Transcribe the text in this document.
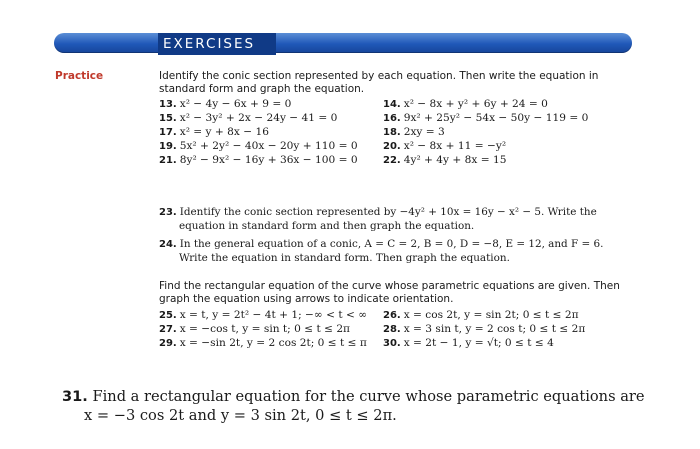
EXERCISES
Practice	Identify the conic section represented by each equation. Then write the equation in standard form and graph the equation.
13. x² − 4y − 6x + 9 = 0
15. x² − 3y² + 2x − 24y − 41 = 0
17. x² = y + 8x − 16
19. 5x² + 2y² − 40x − 20y + 110 = 0
21. 8y² − 9x² − 16y + 36x − 100 = 0
14. x² − 8x + y² + 6y + 24 = 0
16. 9x² + 25y² − 54x − 50y − 119 = 0
18. 2xy = 3
20. x² − 8x + 11 = −y²
22. 4y² + 4y + 8x = 15
23. Identify the conic section represented by −4y² + 10x = 16y − x² − 5. Write the
equation in standard form and then graph the equation.
24. In the general equation of a conic, A = C = 2, B = 0, D = −8, E = 12, and F = 6.
Write the equation in standard form. Then graph the equation.
Find the rectangular equation of the curve whose parametric equations are given. Then graph the equation using arrows to indicate orientation.
25. x = t, y = 2t² − 4t + 1; −∞ < t < ∞
27. x = −cos t, y = sin t; 0 ≤ t ≤ 2π
29. x = −sin 2t, y = 2 cos 2t; 0 ≤ t ≤ π
26. x = cos 2t, y = sin 2t; 0 ≤ t ≤ 2π
28. x = 3 sin t, y = 2 cos t; 0 ≤ t ≤ 2π
30. x = 2t − 1, y = √t; 0 ≤ t ≤ 4
31. Find a rectangular equation for the curve whose parametric equations are
x = −3 cos 2t and y = 3 sin 2t, 0 ≤ t ≤ 2π.
